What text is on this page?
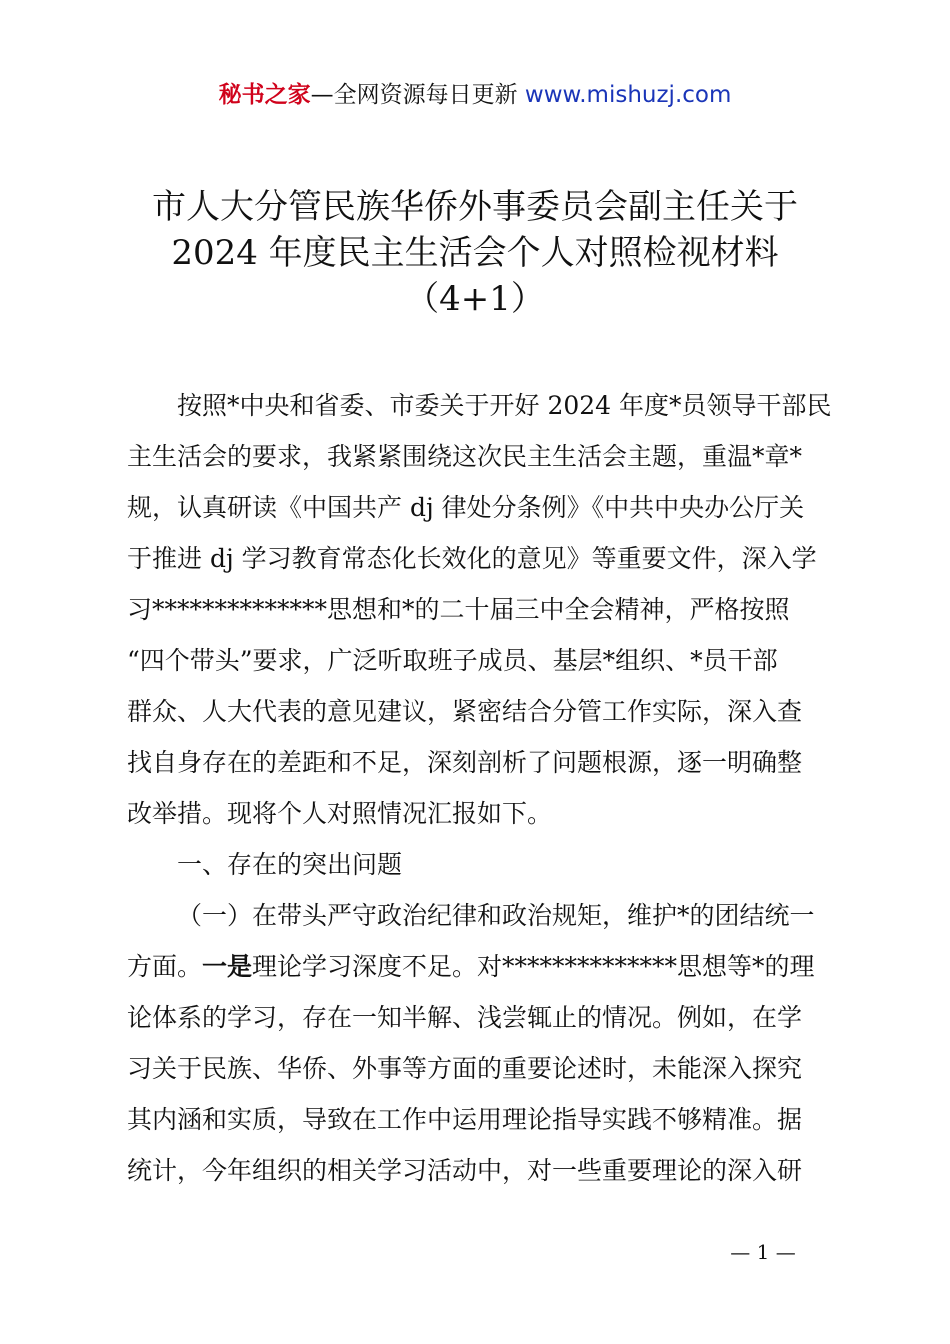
秘书之家—全网资源每日更新 www.mishuzj.com
市人大分管民族华侨外事委员会副主任关于
2024 年度民主生活会个人对照检视材料
（4+1）
按照*中央和省委、市委关于开好 2024 年度*员领导干部民
主生活会的要求，我紧紧围绕这次民主生活会主题，重温*章*
规，认真研读《中国共产 dj 律处分条例》《中共中央办公厅关
于推进 dj 学习教育常态化长效化的意见》等重要文件，深入学
习**************思想和*的二十届三中全会精神，严格按照
“四个带头”要求，广泛听取班子成员、基层*组织、*员干部
群众、人大代表的意见建议，紧密结合分管工作实际，深入查
找自身存在的差距和不足，深刻剖析了问题根源，逐一明确整
改举措。现将个人对照情况汇报如下。
一、存在的突出问题
（一）在带头严守政治纪律和政治规矩，维护*的团结统一
方面。一是理论学习深度不足。对**************思想等*的理
论体系的学习，存在一知半解、浅尝辄止的情况。例如，在学
习关于民族、华侨、外事等方面的重要论述时，未能深入探究
其内涵和实质，导致在工作中运用理论指导实践不够精准。据
统计，今年组织的相关学习活动中，对一些重要理论的深入研
— 1 —
